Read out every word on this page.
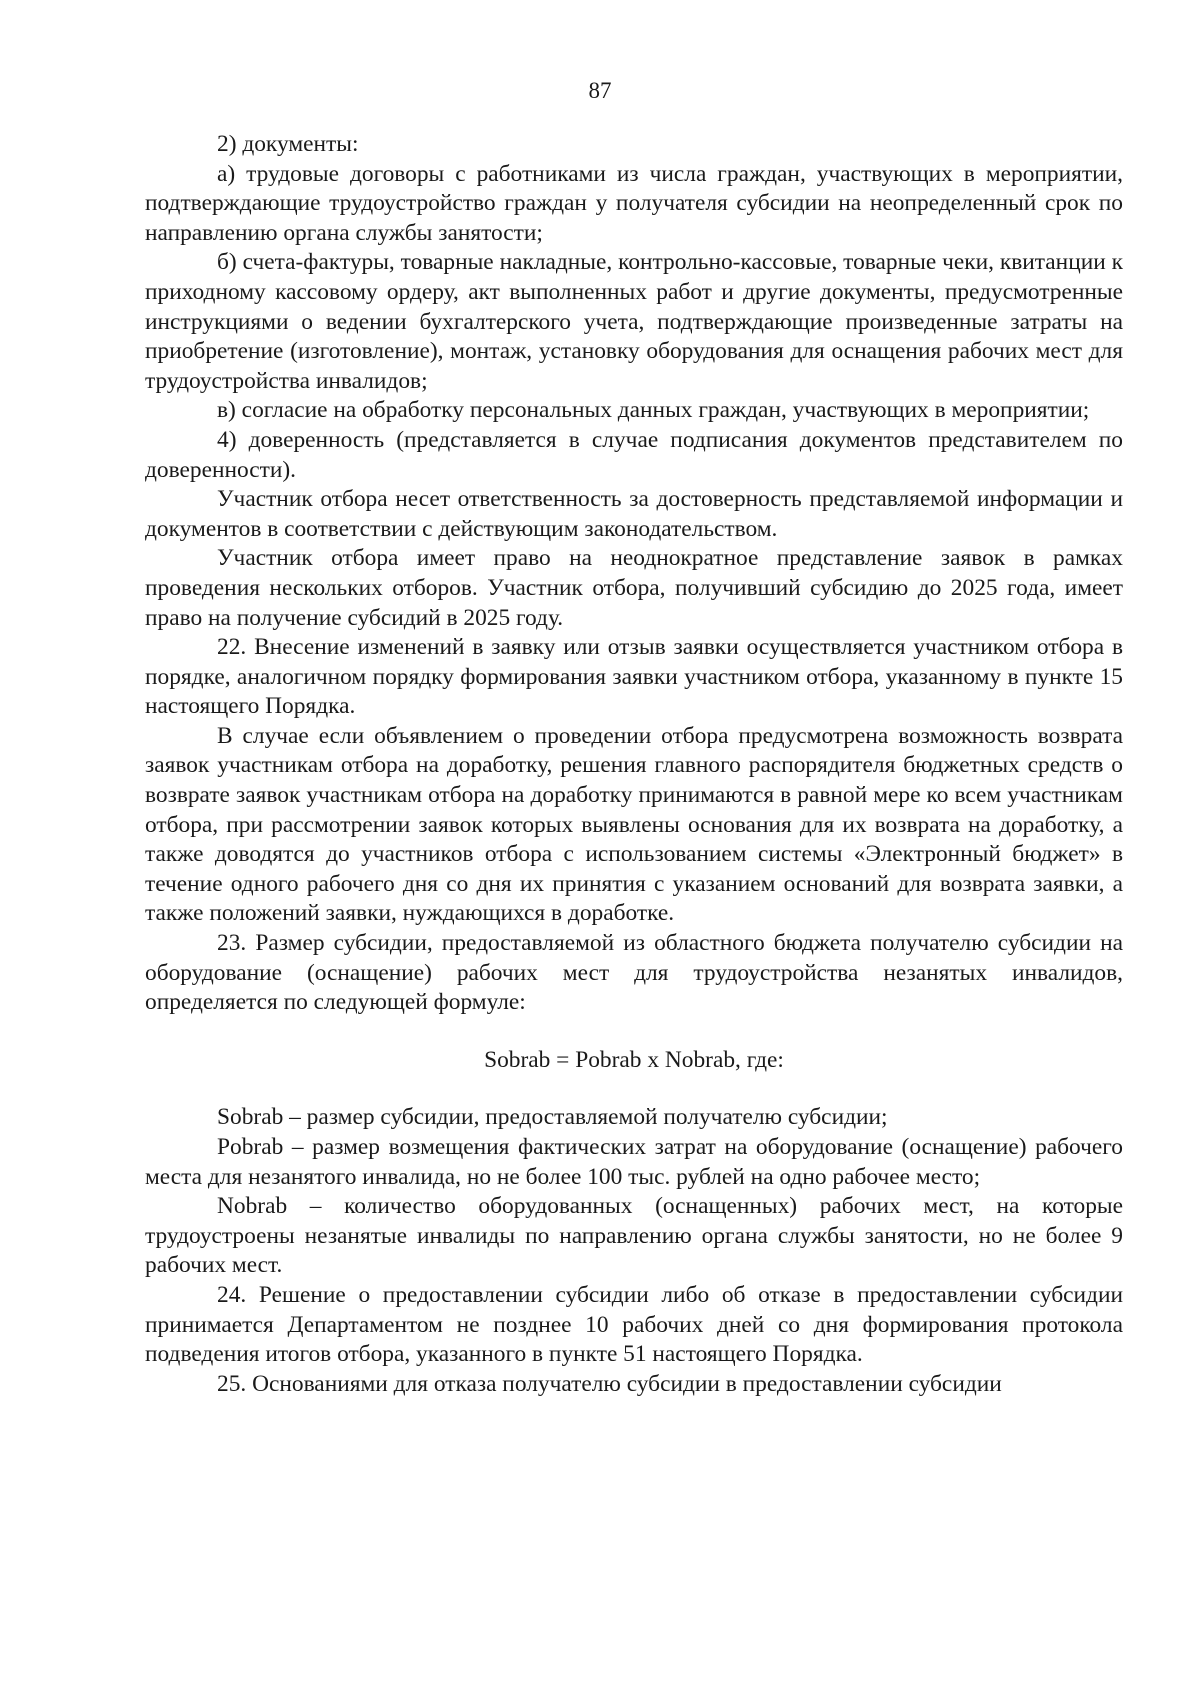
87

2) документы:

а) трудовые договоры с работниками из числа граждан, участвующих в мероприятии, подтверждающие трудоустройство граждан у получателя субсидии на неопределенный срок по направлению органа службы занятости;

б) счета-фактуры, товарные накладные, контрольно-кассовые, товарные чеки, квитанции к приходному кассовому ордеру, акт выполненных работ и другие документы, предусмотренные инструкциями о ведении бухгалтерского учета, подтверждающие произведенные затраты на приобретение (изготовление), монтаж, установку оборудования для оснащения рабочих мест для трудоустройства инвалидов;

в) согласие на обработку персональных данных граждан, участвующих в мероприятии;

4) доверенность (представляется в случае подписания документов представителем по доверенности).

Участник отбора несет ответственность за достоверность представляемой информации и документов в соответствии с действующим законодательством.

Участник отбора имеет право на неоднократное представление заявок в рамках проведения нескольких отборов. Участник отбора, получивший субсидию до 2025 года, имеет право на получение субсидий в 2025 году.

22. Внесение изменений в заявку или отзыв заявки осуществляется участником отбора в порядке, аналогичном порядку формирования заявки участником отбора, указанному в пункте 15 настоящего Порядка.

В случае если объявлением о проведении отбора предусмотрена возможность возврата заявок участникам отбора на доработку, решения главного распорядителя бюджетных средств о возврате заявок участникам отбора на доработку принимаются в равной мере ко всем участникам отбора, при рассмотрении заявок которых выявлены основания для их возврата на доработку, а также доводятся до участников отбора с использованием системы «Электронный бюджет» в течение одного рабочего дня со дня их принятия с указанием оснований для возврата заявки, а также положений заявки, нуждающихся в доработке.

23. Размер субсидии, предоставляемой из областного бюджета получателю субсидии на оборудование (оснащение) рабочих мест для трудоустройства незанятых инвалидов, определяется по следующей формуле:

Sobrab = Pobrab x Nobrab, где:

Sobrab – размер субсидии, предоставляемой получателю субсидии;

Pobrab – размер возмещения фактических затрат на оборудование (оснащение) рабочего места для незанятого инвалида, но не более 100 тыс. рублей на одно рабочее место;

Nobrab – количество оборудованных (оснащенных) рабочих мест, на которые трудоустроены незанятые инвалиды по направлению органа службы занятости, но не более 9 рабочих мест.

24. Решение о предоставлении субсидии либо об отказе в предоставлении субсидии принимается Департаментом не позднее 10 рабочих дней со дня формирования протокола подведения итогов отбора, указанного в пункте 51 настоящего Порядка.

25. Основаниями для отказа получателю субсидии в предоставлении субсидии
